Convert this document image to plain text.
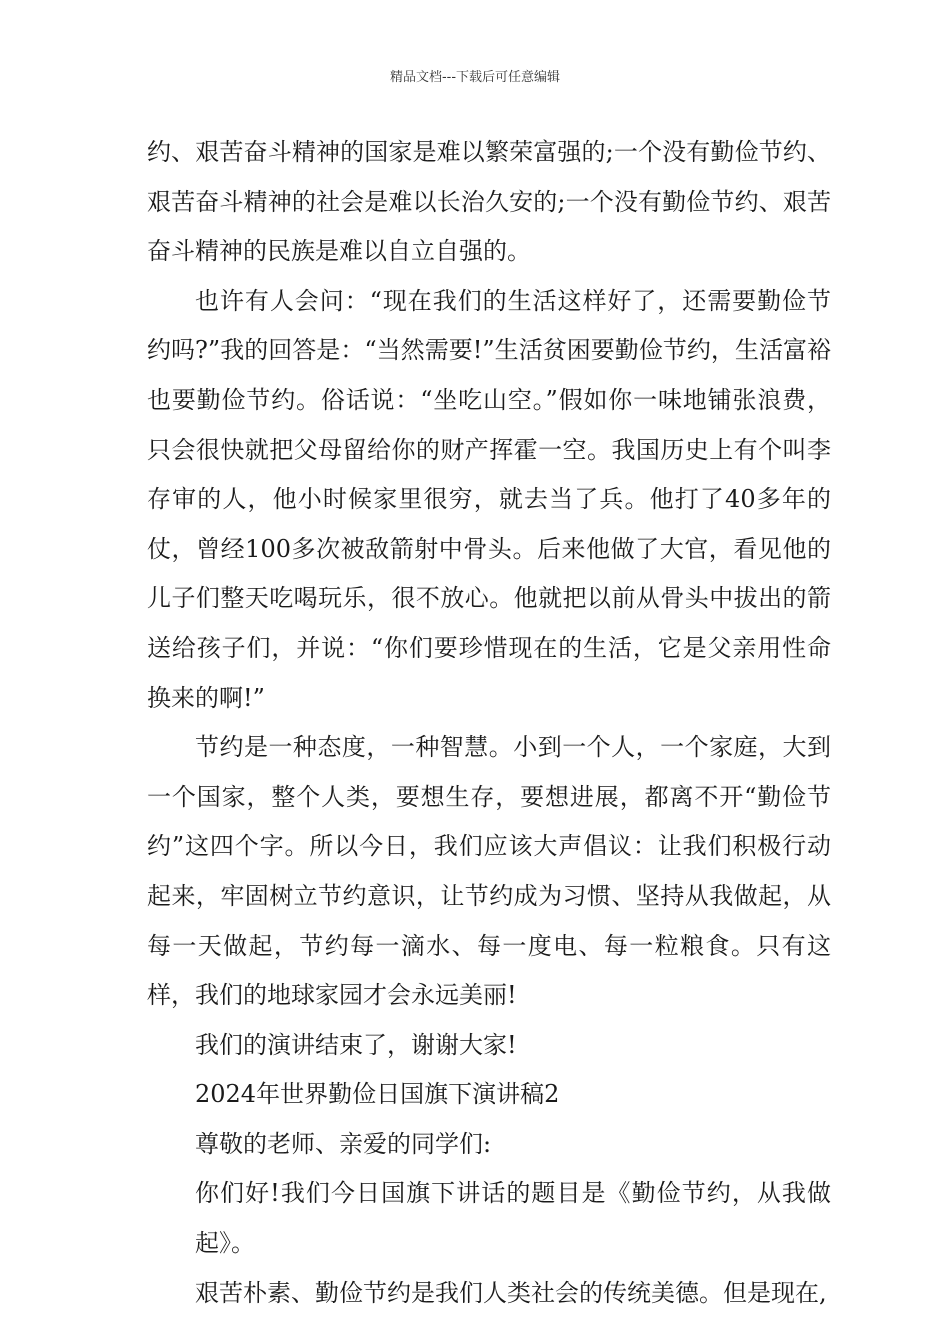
精品文档---下载后可任意编辑

约、艰苦奋斗精神的国家是难以繁荣富强的;一个没有勤俭节约、艰苦奋斗精神的社会是难以长治久安的;一个没有勤俭节约、艰苦奋斗精神的民族是难以自立自强的。

也许有人会问：“现在我们的生活这样好了，还需要勤俭节约吗?”我的回答是：“当然需要!”生活贫困要勤俭节约，生活富裕也要勤俭节约。俗话说：“坐吃山空。”假如你一味地铺张浪费，只会很快就把父母留给你的财产挥霍一空。我国历史上有个叫李存审的人，他小时候家里很穷，就去当了兵。他打了40多年的仗，曾经100多次被敌箭射中骨头。后来他做了大官，看见他的儿子们整天吃喝玩乐，很不放心。他就把以前从骨头中拔出的箭送给孩子们，并说：“你们要珍惜现在的生活，它是父亲用性命换来的啊!”

节约是一种态度，一种智慧。小到一个人，一个家庭，大到一个国家，整个人类，要想生存，要想进展，都离不开“勤俭节约”这四个字。所以今日，我们应该大声倡议：让我们积极行动起来，牢固树立节约意识，让节约成为习惯、坚持从我做起，从每一天做起，节约每一滴水、每一度电、每一粒粮食。只有这样，我们的地球家园才会永远美丽!

我们的演讲结束了，谢谢大家!

2024年世界勤俭日国旗下演讲稿2

尊敬的老师、亲爱的同学们:

你们好!我们今日国旗下讲话的题目是《勤俭节约，从我做起》。

艰苦朴素、勤俭节约是我们人类社会的传统美德。但是现在,
